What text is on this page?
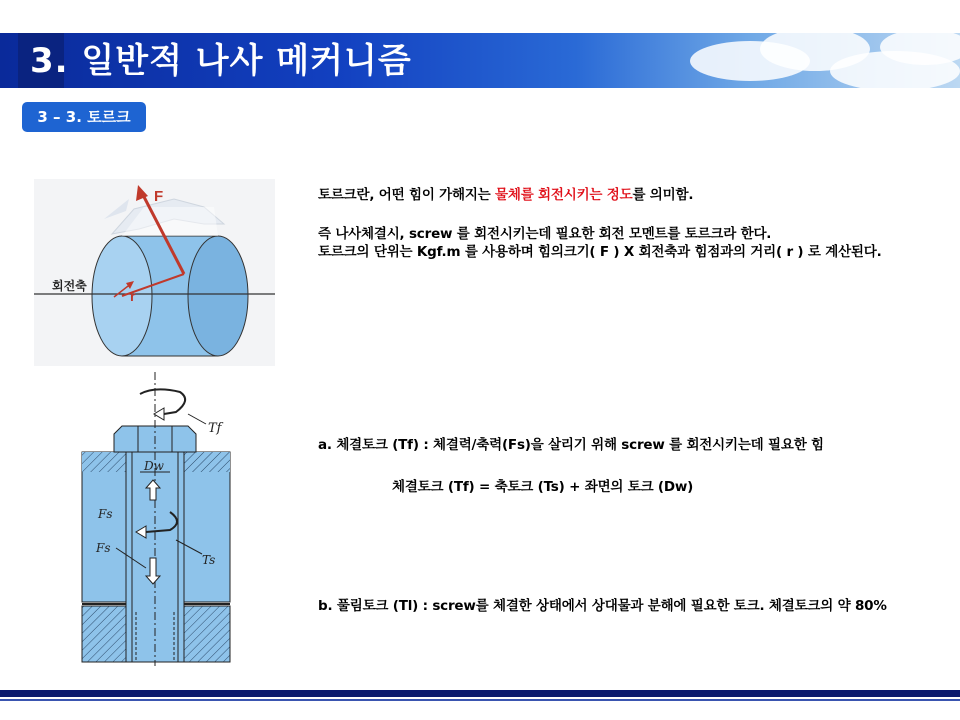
3. 일반적 나사 메커니즘
3 – 3. 토르크
F
r
회전축
Tf
Dw
Fs
Fs
Ts
토르크란, 어떤 힘이 가해지는 물체를 회전시키는 정도를 의미함.
즉 나사체결시, screw 를 회전시키는데 필요한 회전 모멘트를 토르크라 한다.
토르크의 단위는 Kgf.m 를 사용하며 힘의크기( F ) X 회전축과 힘점과의 거리( r ) 로 계산된다.
a. 체결토크 (Tf) : 체결력/축력(Fs)을 살리기 위해 screw 를 회전시키는데 필요한 힘
체결토크 (Tf) = 축토크 (Ts) + 좌면의 토크 (Dw)
b. 풀림토크 (Tl) : screw를 체결한 상태에서 상대물과 분해에 필요한 토크. 체결토크의 약 80%
